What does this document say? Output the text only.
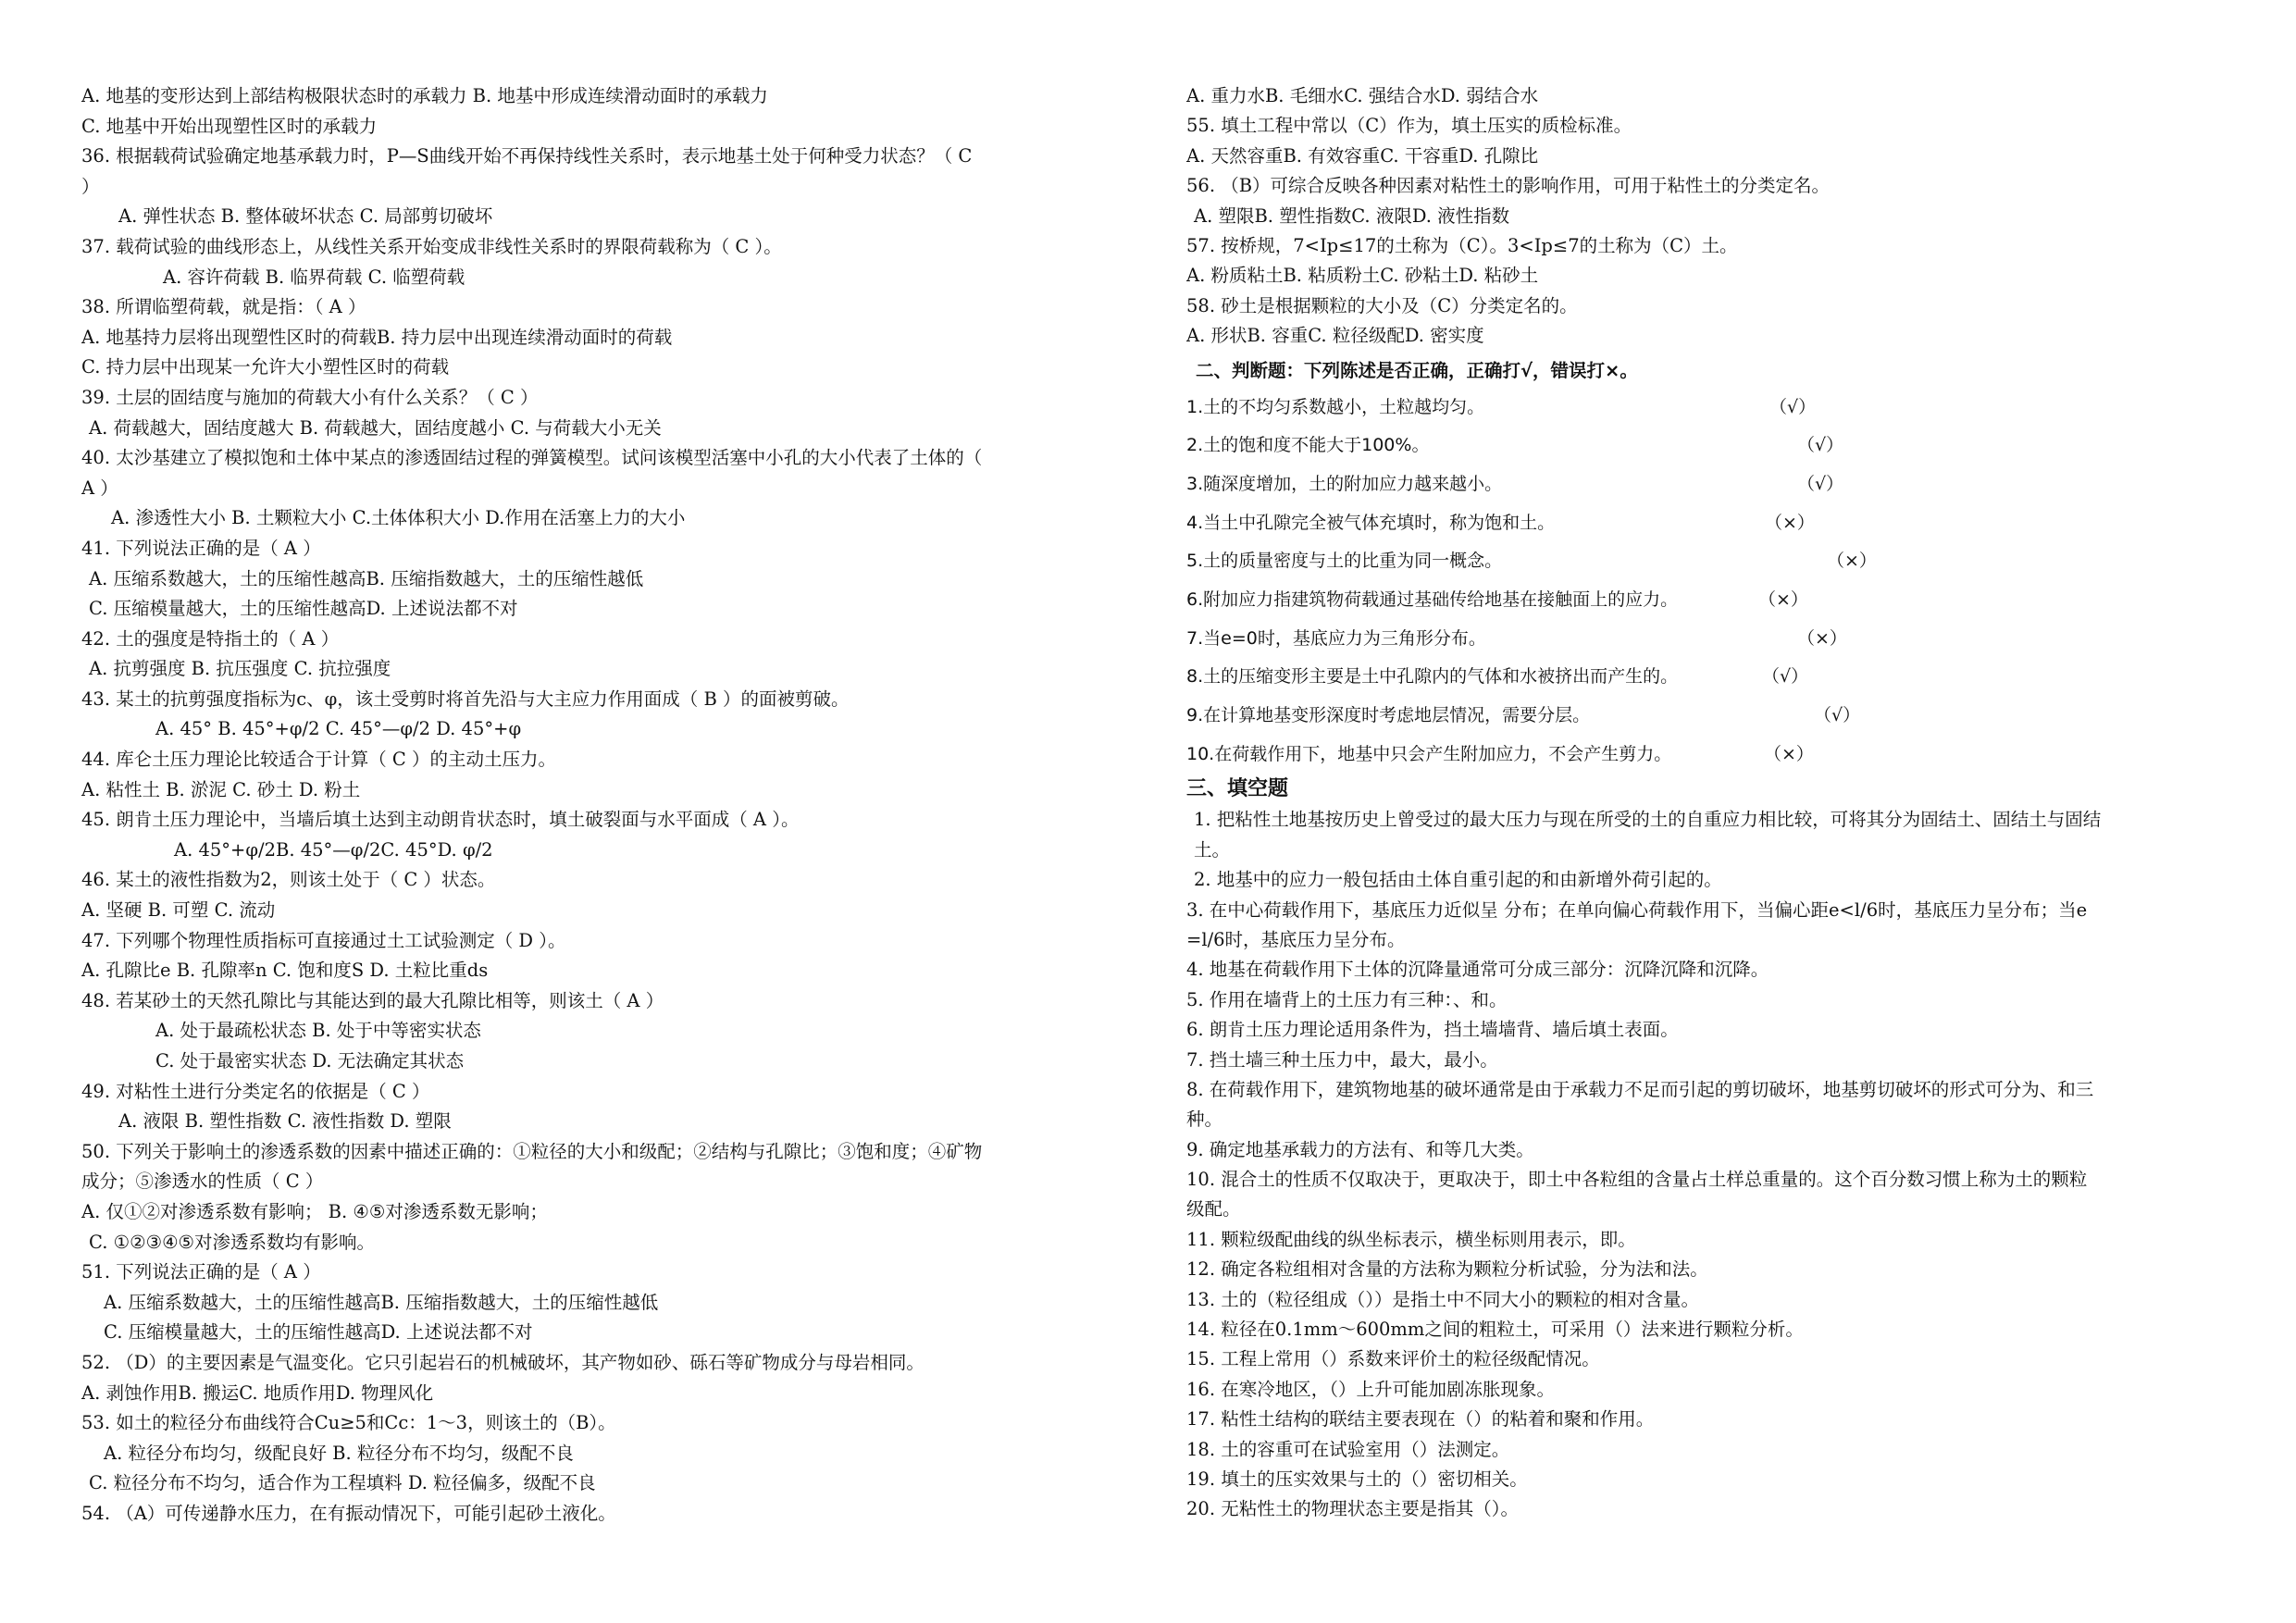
A. 地基的变形达到上部结构极限状态时的承载力 B. 地基中形成连续滑动面时的承载力
C. 地基中开始出现塑性区时的承载力
36. 根据载荷试验确定地基承载力时，P—S曲线开始不再保持线性关系时，表示地基土处于何种受力状态？（ C
）
A. 弹性状态 B. 整体破坏状态 C. 局部剪切破坏
37. 载荷试验的曲线形态上，从线性关系开始变成非线性关系时的界限荷载称为（ C ）。
A. 容许荷载 B. 临界荷载 C. 临塑荷载
38. 所谓临塑荷载，就是指：（ A ）
A. 地基持力层将出现塑性区时的荷载B. 持力层中出现连续滑动面时的荷载
C. 持力层中出现某一允许大小塑性区时的荷载
39. 土层的固结度与施加的荷载大小有什么关系？（ C ）
A. 荷载越大，固结度越大 B. 荷载越大，固结度越小 C. 与荷载大小无关
40. 太沙基建立了模拟饱和土体中某点的渗透固结过程的弹簧模型。试问该模型活塞中小孔的大小代表了土体的（
A ）
A. 渗透性大小 B. 土颗粒大小 C.土体体积大小 D.作用在活塞上力的大小
41. 下列说法正确的是（ A ）
A. 压缩系数越大，土的压缩性越高B. 压缩指数越大，土的压缩性越低
C. 压缩模量越大，土的压缩性越高D. 上述说法都不对
42. 土的强度是特指土的（ A ）
A. 抗剪强度 B. 抗压强度 C. 抗拉强度
43. 某土的抗剪强度指标为c、φ，该土受剪时将首先沿与大主应力作用面成（ B ）的面被剪破。
A. 45° B. 45°+φ/2 C. 45°—φ/2 D. 45°+φ
44. 库仑土压力理论比较适合于计算（ C ）的主动土压力。
A. 粘性土 B. 淤泥 C. 砂土 D. 粉土
45. 朗肯土压力理论中，当墙后填土达到主动朗肯状态时，填土破裂面与水平面成（ A ）。
A. 45°+φ/2B. 45°—φ/2C. 45°D. φ/2
46. 某土的液性指数为2，则该土处于（ C ）状态。
A. 坚硬 B. 可塑 C. 流动
47. 下列哪个物理性质指标可直接通过土工试验测定（ D ）。
A. 孔隙比e B. 孔隙率n C. 饱和度S D. 土粒比重ds
48. 若某砂土的天然孔隙比与其能达到的最大孔隙比相等，则该土（ A ）
A. 处于最疏松状态 B. 处于中等密实状态
C. 处于最密实状态 D. 无法确定其状态
49. 对粘性土进行分类定名的依据是（ C ）
A. 液限 B. 塑性指数 C. 液性指数 D. 塑限
50. 下列关于影响土的渗透系数的因素中描述正确的：①粒径的大小和级配；②结构与孔隙比；③饱和度；④矿物
成分；⑤渗透水的性质（ C ）
A. 仅①②对渗透系数有影响； B. ④⑤对渗透系数无影响；
C. ①②③④⑤对渗透系数均有影响。
51. 下列说法正确的是（ A ）
A. 压缩系数越大，土的压缩性越高B. 压缩指数越大，土的压缩性越低
C. 压缩模量越大，土的压缩性越高D. 上述说法都不对
52. （D）的主要因素是气温变化。它只引起岩石的机械破坏，其产物如砂、砾石等矿物成分与母岩相同。
A. 剥蚀作用B. 搬运C. 地质作用D. 物理风化
53. 如土的粒径分布曲线符合Cu≥5和Cc：1～3，则该土的（B）。
A. 粒径分布均匀，级配良好 B. 粒径分布不均匀，级配不良
C. 粒径分布不均匀，适合作为工程填料 D. 粒径偏多，级配不良
54. （A）可传递静水压力，在有振动情况下，可能引起砂土液化。
A. 重力水B. 毛细水C. 强结合水D. 弱结合水
55. 填土工程中常以（C）作为，填土压实的质检标准。
A. 天然容重B. 有效容重C. 干容重D. 孔隙比
56. （B）可综合反映各种因素对粘性土的影响作用，可用于粘性土的分类定名。
A. 塑限B. 塑性指数C. 液限D. 液性指数
57. 按桥规，7<Ip≤17的土称为（C）。3<Ip≤7的土称为（C）土。
A. 粉质粘土B. 粘质粉土C. 砂粘土D. 粘砂土
58. 砂土是根据颗粒的大小及（C）分类定名的。
A. 形状B. 容重C. 粒径级配D. 密实度
二、判断题：下列陈述是否正确，正确打√，错误打×。
1.土的不均匀系数越小，土粒越均匀。	（√）
2.土的饱和度不能大于100%。	（√）
3.随深度增加，土的附加应力越来越小。	（√）
4.当土中孔隙完全被气体充填时，称为饱和土。	（×）
5.土的质量密度与土的比重为同一概念。	（×）
6.附加应力指建筑物荷载通过基础传给地基在接触面上的应力。	（×）
7.当e=0时，基底应力为三角形分布。	（×）
8.土的压缩变形主要是土中孔隙内的气体和水被挤出而产生的。	（√）
9.在计算地基变形深度时考虑地层情况，需要分层。	（√）
10.在荷载作用下，地基中只会产生附加应力，不会产生剪力。	（×）
三、填空题
1. 把粘性土地基按历史上曾受过的最大压力与现在所受的土的自重应力相比较，可将其分为固结土、固结土与固结
土。
2. 地基中的应力一般包括由土体自重引起的和由新增外荷引起的。
3. 在中心荷载作用下，基底压力近似呈 分布；在单向偏心荷载作用下，当偏心距e<l/6时，基底压力呈分布；当e
=l/6时，基底压力呈分布。
4. 地基在荷载作用下土体的沉降量通常可分成三部分：沉降沉降和沉降。
5. 作用在墙背上的土压力有三种：、和。
6. 朗肯土压力理论适用条件为，挡土墙墙背、墙后填土表面。
7. 挡土墙三种土压力中，最大，最小。
8. 在荷载作用下，建筑物地基的破坏通常是由于承载力不足而引起的剪切破坏，地基剪切破坏的形式可分为、和三
种。
9. 确定地基承载力的方法有、和等几大类。
10. 混合土的性质不仅取决于，更取决于，即土中各粒组的含量占土样总重量的。这个百分数习惯上称为土的颗粒
级配。
11. 颗粒级配曲线的纵坐标表示，横坐标则用表示，即。
12. 确定各粒组相对含量的方法称为颗粒分析试验，分为法和法。
13. 土的（粒径组成（））是指土中不同大小的颗粒的相对含量。
14. 粒径在0.1mm～600mm之间的粗粒土，可采用（）法来进行颗粒分析。
15. 工程上常用（）系数来评价土的粒径级配情况。
16. 在寒冷地区，（）上升可能加剧冻胀现象。
17. 粘性土结构的联结主要表现在（）的粘着和聚和作用。
18. 土的容重可在试验室用（）法测定。
19. 填土的压实效果与土的（）密切相关。
20. 无粘性土的物理状态主要是指其（）。
